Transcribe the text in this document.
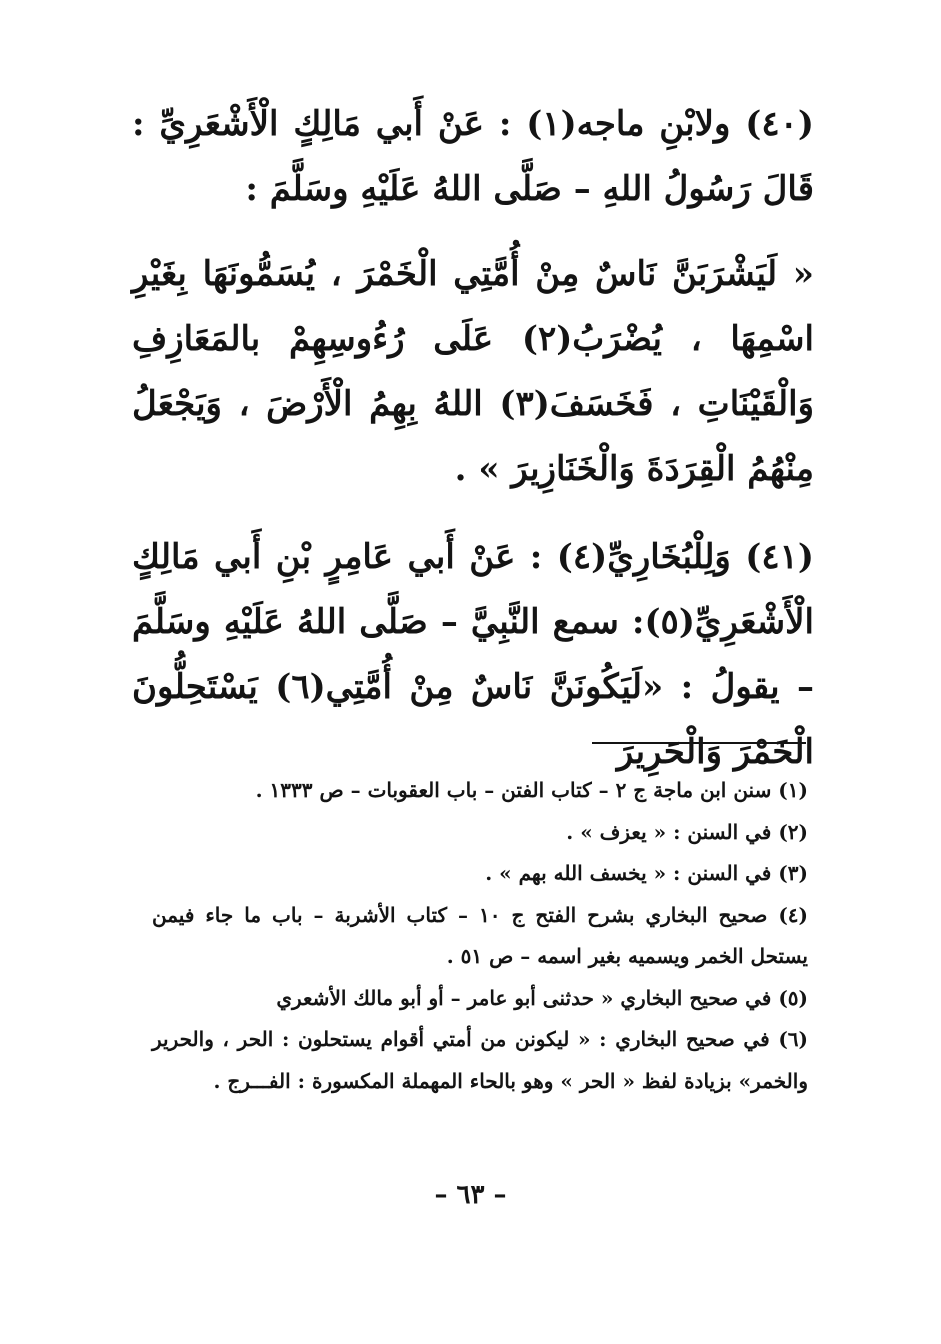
(٤٠) ولابْنِ ماجه(١) : عَنْ أَبي مَالِكٍ الْأَشْعَرِيِّ : قَالَ رَسُولُ اللهِ – صَلَّى اللهُ عَلَيْهِ وسَلَّمَ :

« لَيَشْرَبَنَّ نَاسٌ مِنْ أُمَّتِي الْخَمْرَ ، يُسَمُّونَهَا بِغَيْرِ اسْمِهَا ، يُضْرَبُ(٢) عَلَى رُءُوسِهِمْ بالمَعَازِفِ وَالْقَيْنَاتِ ، فَخَسَفَ(٣) اللهُ بِهِمُ الْأَرْضَ ، وَيَجْعَلُ مِنْهُمُ الْقِرَدَةَ وَالْخَنَازِيرَ » .

(٤١) وَلِلْبُخَارِيِّ(٤) : عَنْ أَبي عَامِرٍ بْنِ أَبي مَالِكٍ الْأَشْعَرِيِّ(٥): سمع النَّبِيَّ – صَلَّى اللهُ عَلَيْهِ وسَلَّمَ – يقولُ : «لَيَكُونَنَّ نَاسٌ مِنْ أُمَّتِي(٦) يَسْتَحِلُّونَ الْخَمْرَ وَالْحَرِيرَ

(١) سنن ابن ماجة ج ٢ – كتاب الفتن – باب العقوبات – ص ١٣٣٣ .

(٢) في السنن : « يعزف » .

(٣) في السنن : « يخسف الله بهم » .

(٤) صحيح البخاري بشرح الفتح ج ١٠ – كتاب الأشربة – باب ما جاء فيمن يستحل الخمر ويسميه بغير اسمه – ص ٥١ .

(٥) في صحيح البخاري « حدثنى أبو عامر – أو أبو مالك الأشعري

(٦) في صحيح البخاري : « ليكونن من أمتي أقوام يستحلون : الحر ، والحرير والخمر» بزيادة لفظ « الحر » وهو بالحاء المهملة المكسورة : الفـــرج .

– ٦٣ –
